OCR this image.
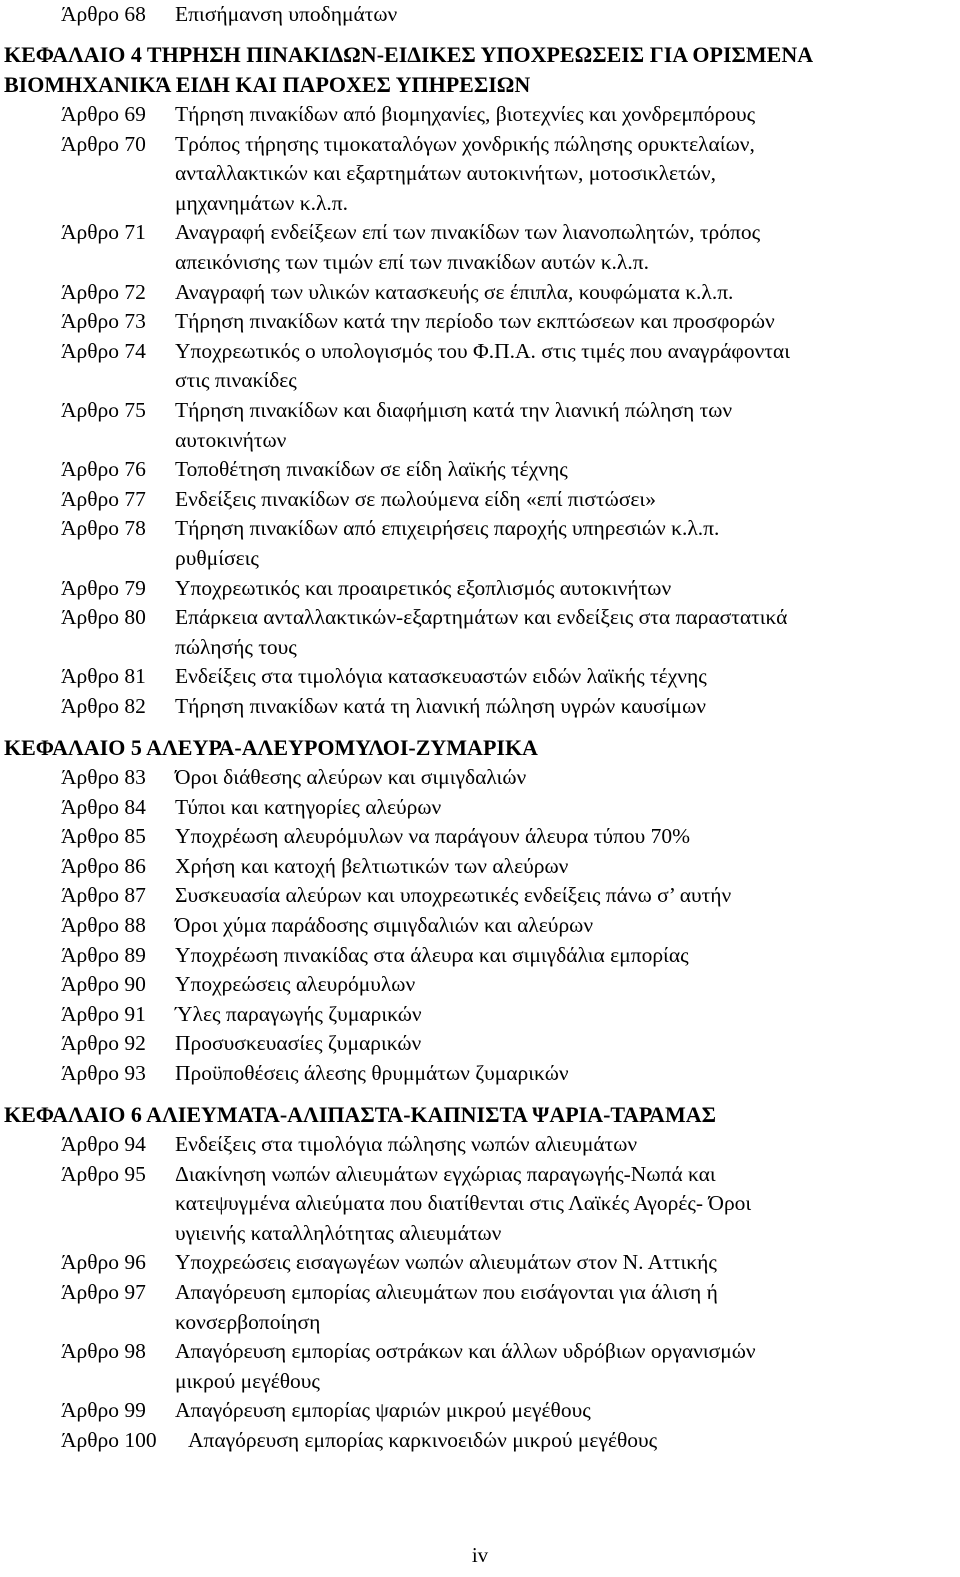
Άρθρο 68	Επισήμανση υποδημάτων
ΚΕΦΑΛΑΙΟ 4 ΤΗΡΗΣΗ ΠΙΝΑΚΙΔΩΝ-ΕΙΔΙΚΕΣ ΥΠΟΧΡΕΩΣΕΙΣ ΓΙΑ ΟΡΙΣΜΕΝΑ
ΒΙΟΜΗΧΑΝΙΚΆ ΕΙΔΗ ΚΑΙ ΠΑΡΟΧΕΣ ΥΠΗΡΕΣΙΩΝ
Άρθρο 69	Τήρηση πινακίδων από βιομηχανίες, βιοτεχνίες και χονδρεμπόρους
Άρθρο 70	Τρόπος τήρησης τιμοκαταλόγων χονδρικής πώλησης ορυκτελαίων,
ανταλλακτικών και εξαρτημάτων αυτοκινήτων, μοτοσικλετών,
μηχανημάτων κ.λ.π.
Άρθρο 71	Αναγραφή ενδείξεων επί των πινακίδων των λιανοπωλητών, τρόπος
απεικόνισης των τιμών επί των πινακίδων αυτών κ.λ.π.
Άρθρο 72	Αναγραφή των υλικών κατασκευής σε έπιπλα, κουφώματα κ.λ.π.
Άρθρο 73	Τήρηση πινακίδων κατά την περίοδο των εκπτώσεων και προσφορών
Άρθρο 74	Υποχρεωτικός ο υπολογισμός του Φ.Π.Α. στις τιμές που αναγράφονται
στις πινακίδες
Άρθρο 75	Τήρηση πινακίδων και διαφήμιση κατά την λιανική πώληση των
αυτοκινήτων
Άρθρο 76	Τοποθέτηση πινακίδων σε είδη λαϊκής τέχνης
Άρθρο 77	Ενδείξεις πινακίδων σε πωλούμενα είδη «επί πιστώσει»
Άρθρο 78	Τήρηση πινακίδων από επιχειρήσεις παροχής υπηρεσιών κ.λ.π.
ρυθμίσεις
Άρθρο 79	Υποχρεωτικός και προαιρετικός εξοπλισμός αυτοκινήτων
Άρθρο 80	Επάρκεια ανταλλακτικών-εξαρτημάτων και ενδείξεις στα παραστατικά
πώλησής τους
Άρθρο 81	Ενδείξεις στα τιμολόγια κατασκευαστών ειδών λαϊκής τέχνης
Άρθρο 82	Τήρηση πινακίδων κατά τη λιανική πώληση υγρών καυσίμων
ΚΕΦΑΛΑΙΟ 5 ΑΛΕΥΡΑ-ΑΛΕΥΡΟΜΥΛΟΙ-ΖΥΜΑΡΙΚΑ
Άρθρο 83	Όροι διάθεσης αλεύρων και σιμιγδαλιών
Άρθρο 84	Τύποι και κατηγορίες αλεύρων
Άρθρο 85	Υποχρέωση αλευρόμυλων να παράγουν άλευρα τύπου 70%
Άρθρο 86	Χρήση και κατοχή βελτιωτικών των αλεύρων
Άρθρο 87	Συσκευασία αλεύρων και υποχρεωτικές ενδείξεις πάνω σ’ αυτήν
Άρθρο 88	Όροι χύμα παράδοσης σιμιγδαλιών και αλεύρων
Άρθρο 89	Υποχρέωση πινακίδας στα άλευρα και σιμιγδάλια εμπορίας
Άρθρο 90	Υποχρεώσεις αλευρόμυλων
Άρθρο 91	Ύλες παραγωγής ζυμαρικών
Άρθρο 92	Προσυσκευασίες ζυμαρικών
Άρθρο 93	Προϋποθέσεις άλεσης θρυμμάτων ζυμαρικών
ΚΕΦΑΛΑΙΟ 6 ΑΛΙΕΥΜΑΤΑ-ΑΛΙΠΑΣΤΑ-ΚΑΠΝΙΣΤΑ ΨΑΡΙΑ-ΤΑΡΑΜΑΣ
Άρθρο 94	Ενδείξεις στα τιμολόγια πώλησης νωπών αλιευμάτων
Άρθρο 95	Διακίνηση νωπών αλιευμάτων εγχώριας παραγωγής-Νωπά και
κατεψυγμένα αλιεύματα που διατίθενται στις Λαϊκές Αγορές- Όροι
υγιεινής καταλληλότητας αλιευμάτων
Άρθρο 96	Υποχρεώσεις εισαγωγέων νωπών αλιευμάτων στον Ν. Αττικής
Άρθρο 97	Απαγόρευση εμπορίας αλιευμάτων που εισάγονται για άλιση ή
κονσερβοποίηση
Άρθρο 98	Απαγόρευση εμπορίας οστράκων και άλλων υδρόβιων οργανισμών
μικρού μεγέθους
Άρθρο 99	Απαγόρευση εμπορίας ψαριών μικρού μεγέθους
Άρθρο 100	Απαγόρευση εμπορίας καρκινοειδών μικρού μεγέθους
iv
